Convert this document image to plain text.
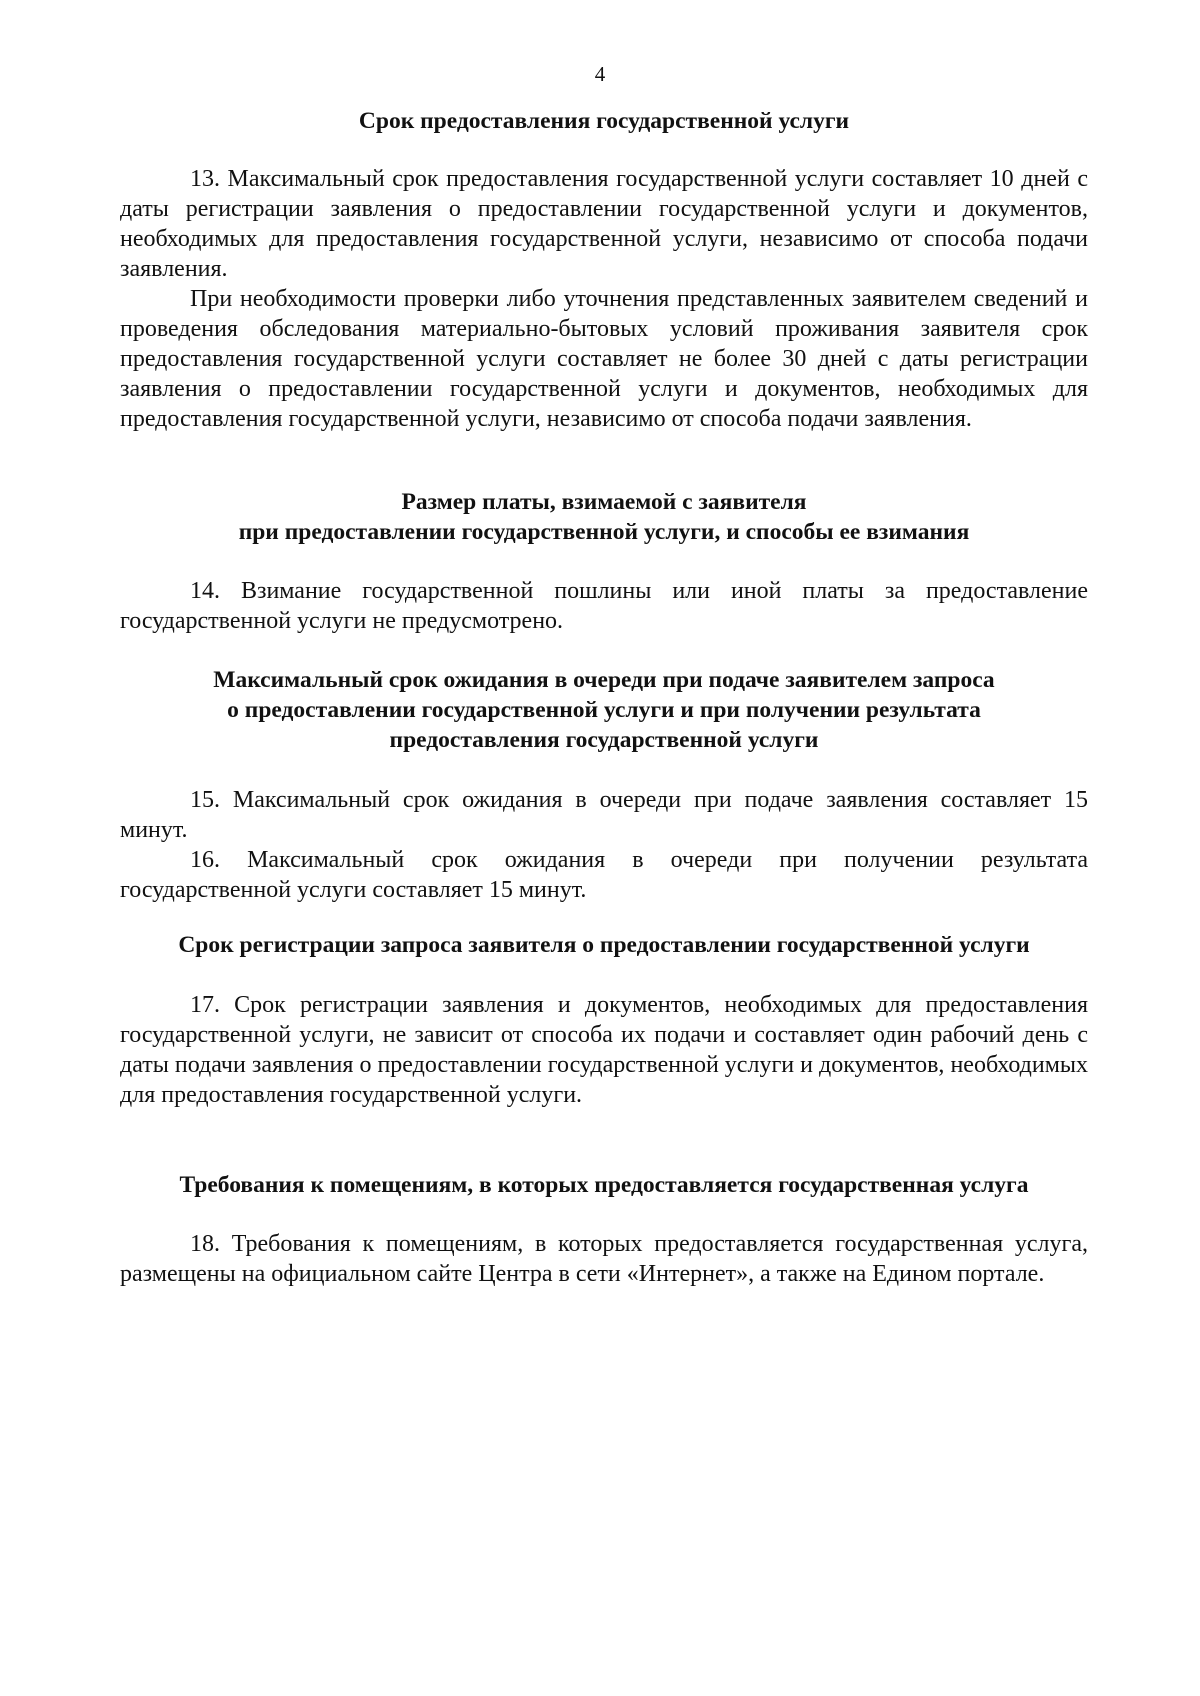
4
Срок предоставления государственной услуги

13. Максимальный срок предоставления государственной услуги составляет 10 дней с даты регистрации заявления о предоставлении государственной услуги и документов, необходимых для предоставления государственной услуги, независимо от способа подачи заявления.

При необходимости проверки либо уточнения представленных заявителем сведений и проведения обследования материально-бытовых условий проживания заявителя срок предоставления государственной услуги составляет не более 30 дней с даты регистрации заявления о предоставлении государственной услуги и документов, необходимых для предоставления государственной услуги, независимо от способа подачи заявления.

Размер платы, взимаемой с заявителя
при предоставлении государственной услуги, и способы ее взимания

14. Взимание государственной пошлины или иной платы за предоставление государственной услуги не предусмотрено.

Максимальный срок ожидания в очереди при подаче заявителем запроса
о предоставлении государственной услуги и при получении результата
предоставления государственной услуги

15. Максимальный срок ожидания в очереди при подаче заявления составляет 15 минут.

16. Максимальный срок ожидания в очереди при получении результата государственной услуги составляет 15 минут.

Срок регистрации запроса заявителя о предоставлении государственной услуги

17. Срок регистрации заявления и документов, необходимых для предоставления государственной услуги, не зависит от способа их подачи и составляет один рабочий день с даты подачи заявления о предоставлении государственной услуги и документов, необходимых для предоставления государственной услуги.

Требования к помещениям, в которых предоставляется государственная услуга

18. Требования к помещениям, в которых предоставляется государственная услуга, размещены на официальном сайте Центра в сети «Интернет», а также на Едином портале.
